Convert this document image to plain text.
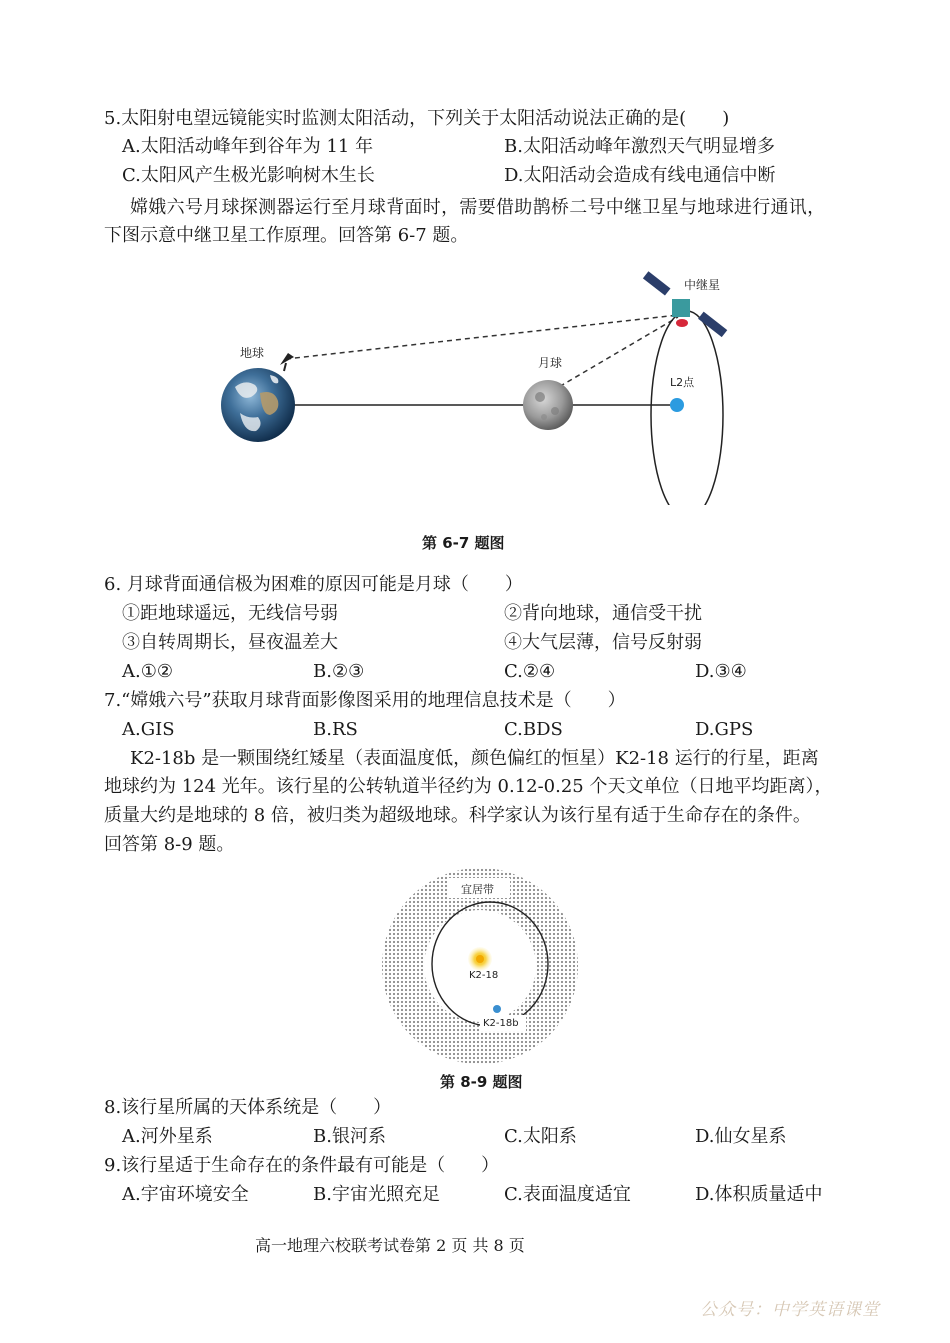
5.太阳射电望远镜能实时监测太阳活动，下列关于太阳活动说法正确的是(　　)
A.太阳活动峰年到谷年为 11 年	B.太阳活动峰年激烈天气明显增多
C.太阳风产生极光影响树木生长	D.太阳活动会造成有线电通信中断
嫦娥六号月球探测器运行至月球背面时，需要借助鹊桥二号中继卫星与地球进行通讯，
下图示意中继卫星工作原理。回答第 6-7 题。
地球
月球
L2点
中继星
第 6-7 题图
6. 月球背面通信极为困难的原因可能是月球（　　）
①距地球遥远，无线信号弱	②背向地球，通信受干扰
③自转周期长，昼夜温差大	④大气层薄，信号反射弱
A.①②	B.②③	C.②④	D.③④
7.“嫦娥六号”获取月球背面影像图采用的地理信息技术是（　　）
A.GIS	B.RS	C.BDS	D.GPS
K2-18b 是一颗围绕红矮星（表面温度低，颜色偏红的恒星）K2-18 运行的行星，距离
地球约为 124 光年。该行星的公转轨道半径约为 0.12-0.25 个天文单位（日地平均距离），
质量大约是地球的 8 倍，被归类为超级地球。科学家认为该行星有适于生命存在的条件。
回答第 8-9 题。
宜居带
K2-18
K2-18b
第 8-9 题图
8.该行星所属的天体系统是（　　）
A.河外星系	B.银河系	C.太阳系	D.仙女星系
9.该行星适于生命存在的条件最有可能是（　　）
A.宇宙环境安全	B.宇宙光照充足	C.表面温度适宜	D.体积质量适中
高一地理六校联考试卷第 2 页 共 8 页
公众号：中学英语课堂
